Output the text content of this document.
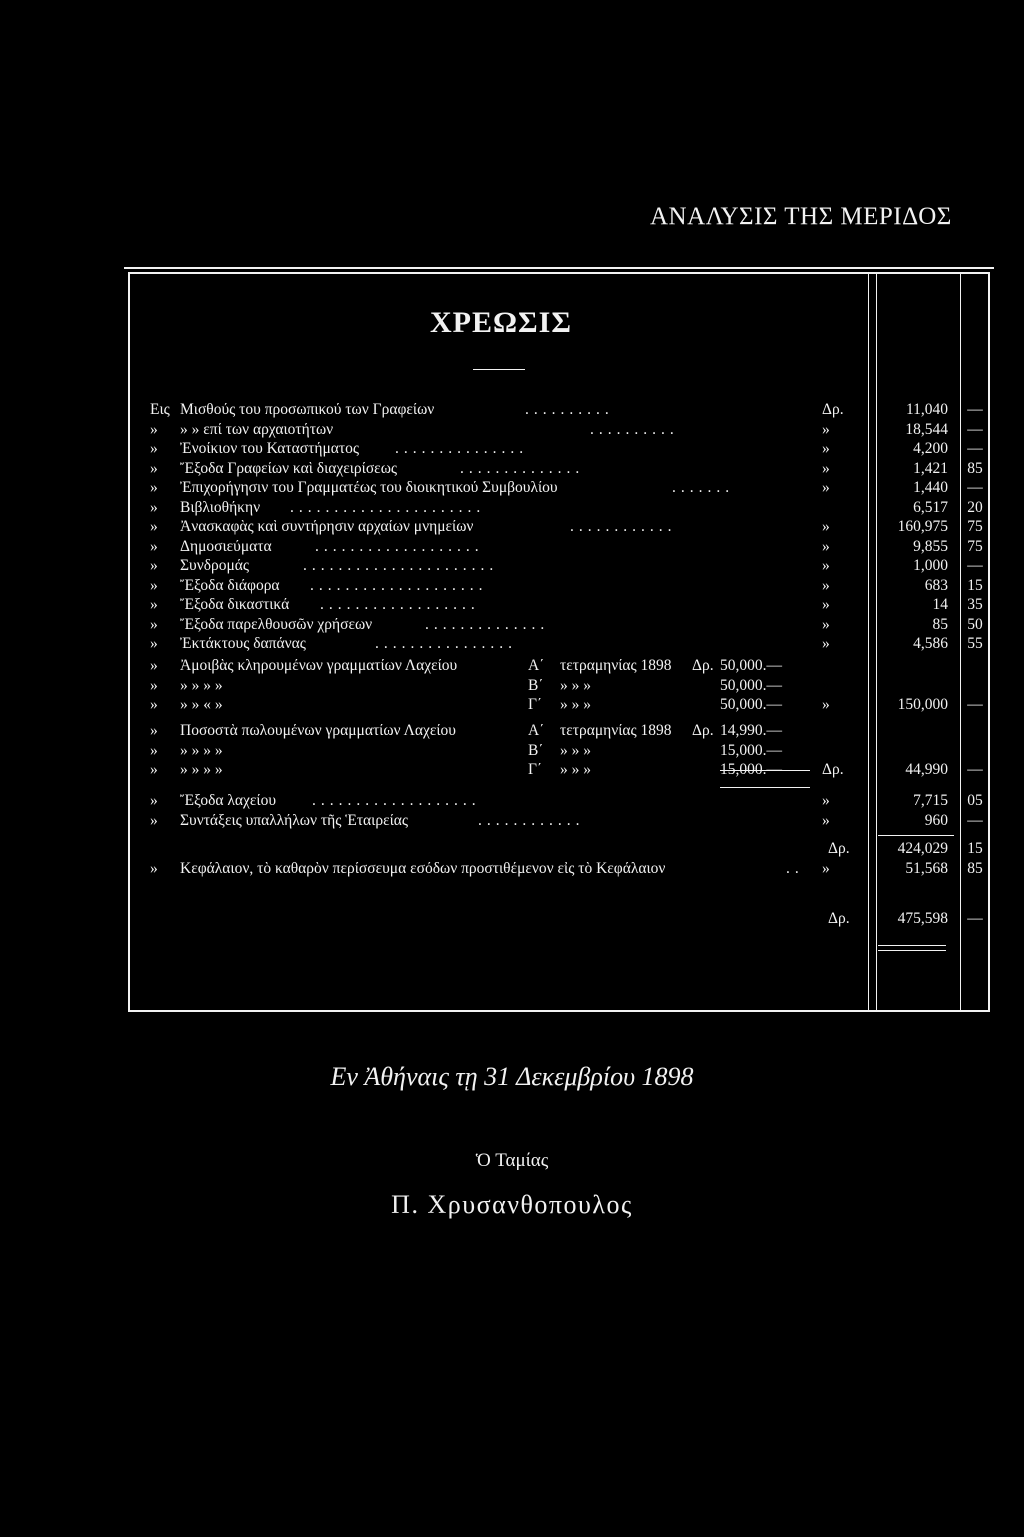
ΑΝΑΛΥΣΙΣ ΤΗΣ ΜΕΡΙΔΟΣ
ΧΡΕΩΣΙΣ
Εις Μισθούς του προσωπικού των Γραφείων	..........	Δρ.	11,040	—
» » » επί των αρχαιοτήτων	..........	»	18,544	—
» Ἐνοίκιον του Καταστήματος ...............	»	4,200	—
» Ἔξοδα Γραφείων καὶ διαχειρίσεως	..............	»	1,421	85
» Ἐπιχορήγησιν του Γραμματέως του διοικητικού Συμβουλίου	.......	»	1,440	—
» Βιβλιοθήκην ......................	6,517	20
» Ἀνασκαφὰς καὶ συντήρησιν αρχαίων μνημείων	............	»	160,975	75
» Δημοσιεύματα	...................	»	9,855	75
» Συνδρομάς	......................	»	1,000	—
» Ἔξοδα διάφορα ....................	»	683	15
» Ἔξοδα δικαστικά ..................	»	14	35
» Ἔξοδα παρελθουσῶν χρήσεων	..............	»	85	50
» Ἐκτάκτους δαπάνας	................	»	4,586	55
» Ἀμοιβὰς κληρουμένων γραμματίων Λαχείου	Α΄ τετραμηνίας 1898 Δρ. 50,000.—
» » » » »	Β΄ » » »	50,000.—
» » » « »	Γ΄ » » »	50,000.—	»	150,000	—
» Ποσοστὰ πωλουμένων γραμματίων Λαχείου	Α΄ τετραμηνίας 1898 Δρ. 14,990.—
» » » » »	Β΄ » » »	15,000.—
» » » » »	Γ΄ » » »	15,000.—	Δρ.	44,990	—
» Ἔξοδα λαχείου ...................	»	7,715	05
» Συντάξεις υπαλλήλων τῆς Ἑταιρείας	............	»	960	—
Δρ.	424,029	15
» Κεφάλαιον, τὸ καθαρὸν περίσσευμα εσόδων προστιθέμενον εἰς τὸ Κεφάλαιον	.. »	51,568	85
Δρ.	475,598	—
Εν Ἀθήναις τῃ 31 Δεκεμβρίου 1898
Ὁ Ταμίας
Π. Χρυσανθοπουλος
